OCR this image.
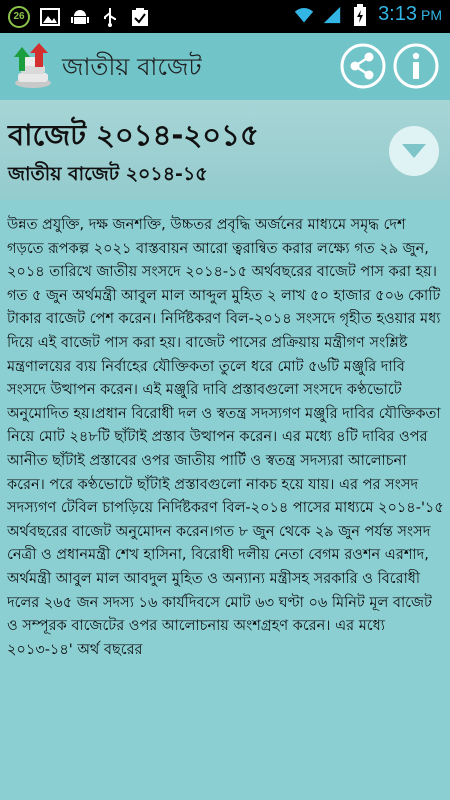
26	3:13 PM
জাতীয় বাজেট
বাজেট ২০১৪-২০১৫
জাতীয় বাজেট ২০১৪-১৫

উন্নত প্রযুক্তি, দক্ষ জনশক্তি, উচ্চতর প্রবৃদ্ধি অর্জনের মাধ্যমে সমৃদ্ধ দেশ গড়তে রূপকল্প ২০২১ বাস্তবায়ন আরো ত্বরান্বিত করার লক্ষ্যে গত ২৯ জুন, ২০১৪ তারিখে জাতীয় সংসদে ২০১৪-১৫ অর্থবছরের বাজেট পাস করা হয়।গত ৫ জুন অর্থমন্ত্রী আবুল মাল আব্দুল মুহিত ২ লাখ ৫০ হাজার ৫০৬ কোটি টাকার বাজেট পেশ করেন। নির্দিষ্টকরণ বিল-২০১৪ সংসদে গৃহীত হওয়ার মধ্য দিয়ে এই বাজেট পাস করা হয়। বাজেট পাসের প্রক্রিয়ায় মন্ত্রীগণ সংশ্লিষ্ট মন্ত্রণালয়ের ব্যয় নির্বাহের যৌক্তিকতা তুলে ধরে মোট ৫৬টি মঞ্জুরি দাবি সংসদে উত্থাপন করেন। এই মঞ্জুরি দাবি প্রস্তাবগুলো সংসদে কণ্ঠভোটে অনুমোদিত হয়।প্রধান বিরোধী দল ও স্বতন্ত্র সদস্যগণ মঞ্জুরি দাবির যৌক্তিকতা নিয়ে মোট ২৪৮টি ছাঁটাই প্রস্তাব উত্থাপন করেন। এর মধ্যে ৪টি দাবির ওপর আনীত ছাঁটাই প্রস্তাবের ওপর জাতীয় পার্টি ও স্বতন্ত্র সদস্যরা আলোচনা করেন। পরে কণ্ঠভোটে ছাঁটাই প্রস্তাবগুলো নাকচ হয়ে যায়। এর পর সংসদ সদস্যগণ টেবিল চাপড়িয়ে নির্দিষ্টকরণ বিল-২০১৪ পাসের মাধ্যমে ২০১৪-'১৫ অর্থবছরের বাজেট অনুমোদন করেন।গত ৮ জুন থেকে ২৯ জুন পর্যন্ত সংসদ নেত্রী ও প্রধানমন্ত্রী শেখ হাসিনা, বিরোধী দলীয় নেতা বেগম রওশন এরশাদ, অর্থমন্ত্রী আবুল মাল আবদুল মুহিত ও অন্যান্য মন্ত্রীসহ সরকারি ও বিরোধী দলের ২৬৫ জন সদস্য ১৬ কার্যদিবসে মোট ৬৩ ঘণ্টা ০৬ মিনিট মূল বাজেট ও সম্পূরক বাজেটের ওপর আলোচনায় অংশগ্রহণ করেন। এর মধ্যে ২০১৩-১৪' অর্থ বছরের
